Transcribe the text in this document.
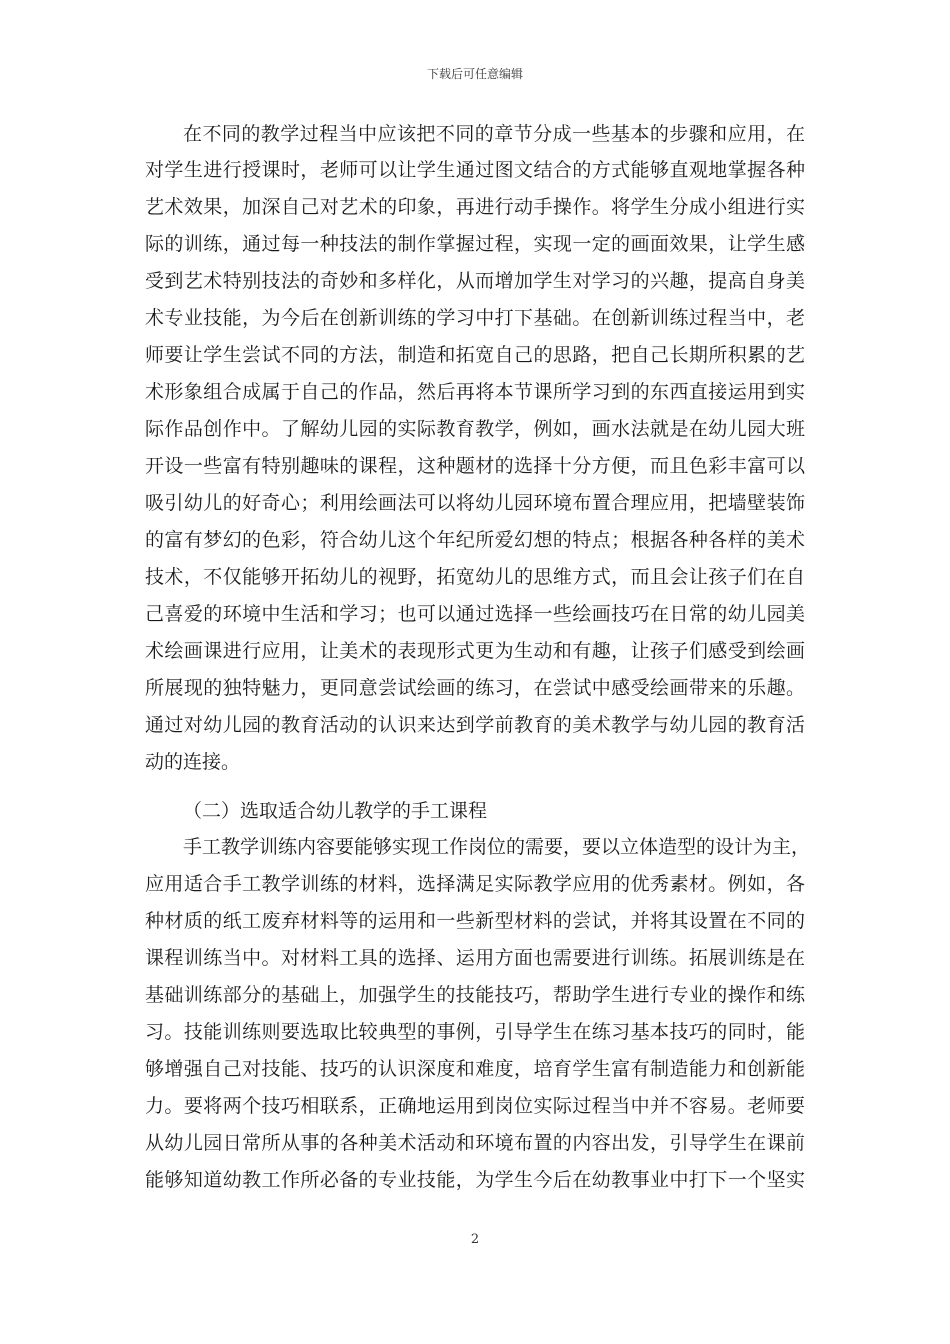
下载后可任意编辑
在不同的教学过程当中应该把不同的章节分成一些基本的步骤和应用，在
对学生进行授课时，老师可以让学生通过图文结合的方式能够直观地掌握各种
艺术效果，加深自己对艺术的印象，再进行动手操作。将学生分成小组进行实
际的训练，通过每一种技法的制作掌握过程，实现一定的画面效果，让学生感
受到艺术特别技法的奇妙和多样化，从而增加学生对学习的兴趣，提高自身美
术专业技能，为今后在创新训练的学习中打下基础。在创新训练过程当中，老
师要让学生尝试不同的方法，制造和拓宽自己的思路，把自己长期所积累的艺
术形象组合成属于自己的作品，然后再将本节课所学习到的东西直接运用到实
际作品创作中。了解幼儿园的实际教育教学，例如，画水法就是在幼儿园大班
开设一些富有特别趣味的课程，这种题材的选择十分方便，而且色彩丰富可以
吸引幼儿的好奇心；利用绘画法可以将幼儿园环境布置合理应用，把墙壁装饰
的富有梦幻的色彩，符合幼儿这个年纪所爱幻想的特点；根据各种各样的美术
技术，不仅能够开拓幼儿的视野，拓宽幼儿的思维方式，而且会让孩子们在自
己喜爱的环境中生活和学习；也可以通过选择一些绘画技巧在日常的幼儿园美
术绘画课进行应用，让美术的表现形式更为生动和有趣，让孩子们感受到绘画
所展现的独特魅力，更同意尝试绘画的练习，在尝试中感受绘画带来的乐趣。
通过对幼儿园的教育活动的认识来达到学前教育的美术教学与幼儿园的教育活
动的连接。
（二）选取适合幼儿教学的手工课程
手工教学训练内容要能够实现工作岗位的需要，要以立体造型的设计为主，
应用适合手工教学训练的材料，选择满足实际教学应用的优秀素材。例如，各
种材质的纸工废弃材料等的运用和一些新型材料的尝试，并将其设置在不同的
课程训练当中。对材料工具的选择、运用方面也需要进行训练。拓展训练是在
基础训练部分的基础上，加强学生的技能技巧，帮助学生进行专业的操作和练
习。技能训练则要选取比较典型的事例，引导学生在练习基本技巧的同时，能
够增强自己对技能、技巧的认识深度和难度，培育学生富有制造能力和创新能
力。要将两个技巧相联系，正确地运用到岗位实际过程当中并不容易。老师要
从幼儿园日常所从事的各种美术活动和环境布置的内容出发，引导学生在课前
能够知道幼教工作所必备的专业技能，为学生今后在幼教事业中打下一个坚实
2
